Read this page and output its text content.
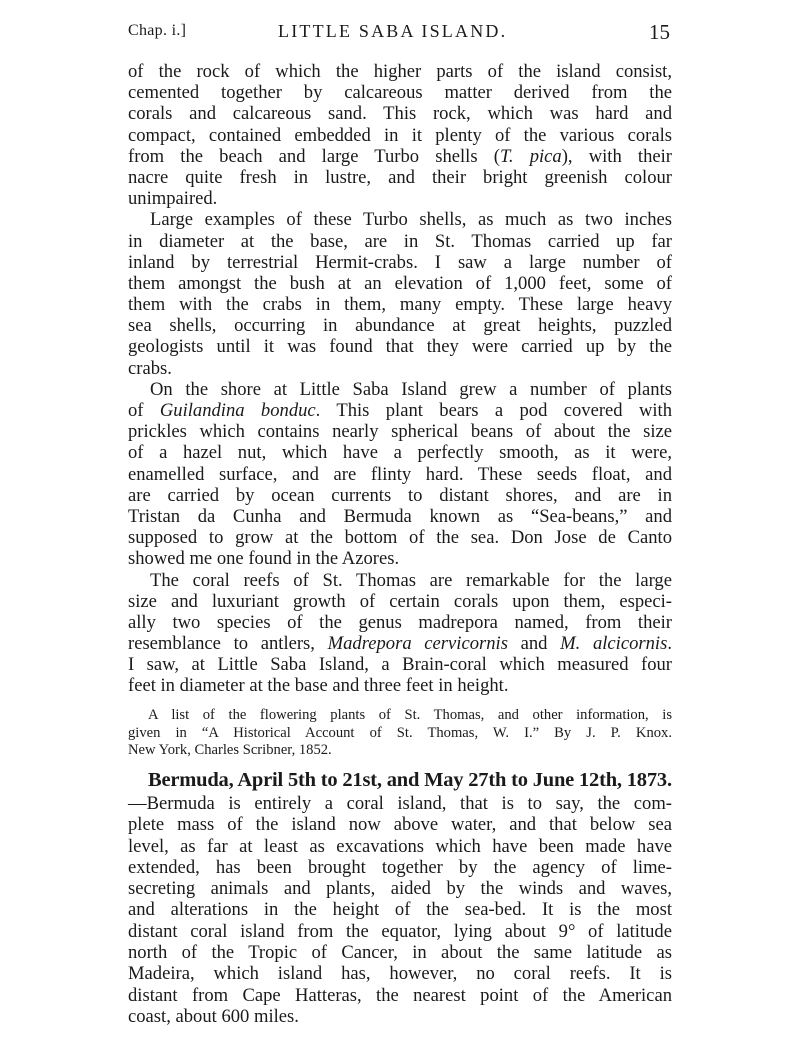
Chap. i.]	LITTLE SABA ISLAND.	15
of the rock of which the higher parts of the island consist,
cemented together by calcareous matter derived from the
corals and calcareous sand. This rock, which was hard and
compact, contained embedded in it plenty of the various corals
from the beach and large Turbo shells (T. pica), with their
nacre quite fresh in lustre, and their bright greenish colour
unimpaired.
Large examples of these Turbo shells, as much as two inches
in diameter at the base, are in St. Thomas carried up far
inland by terrestrial Hermit-crabs. I saw a large number of
them amongst the bush at an elevation of 1,000 feet, some of
them with the crabs in them, many empty. These large heavy
sea shells, occurring in abundance at great heights, puzzled
geologists until it was found that they were carried up by the
crabs.
On the shore at Little Saba Island grew a number of plants
of Guilandina bonduc. This plant bears a pod covered with
prickles which contains nearly spherical beans of about the size
of a hazel nut, which have a perfectly smooth, as it were,
enamelled surface, and are flinty hard. These seeds float, and
are carried by ocean currents to distant shores, and are in
Tristan da Cunha and Bermuda known as “Sea-beans,” and
supposed to grow at the bottom of the sea. Don Jose de Canto
showed me one found in the Azores.
The coral reefs of St. Thomas are remarkable for the large
size and luxuriant growth of certain corals upon them, especi-
ally two species of the genus madrepora named, from their
resemblance to antlers, Madrepora cervicornis and M. alcicornis.
I saw, at Little Saba Island, a Brain-coral which measured four
feet in diameter at the base and three feet in height.
A list of the flowering plants of St. Thomas, and other information, is
given in “A Historical Account of St. Thomas, W. I.” By J. P. Knox.
New York, Charles Scribner, 1852.
Bermuda, April 5th to 21st, and May 27th to June 12th, 1873.
—Bermuda is entirely a coral island, that is to say, the com-
plete mass of the island now above water, and that below sea
level, as far at least as excavations which have been made have
extended, has been brought together by the agency of lime-
secreting animals and plants, aided by the winds and waves,
and alterations in the height of the sea-bed. It is the most
distant coral island from the equator, lying about 9° of latitude
north of the Tropic of Cancer, in about the same latitude as
Madeira, which island has, however, no coral reefs. It is
distant from Cape Hatteras, the nearest point of the American
coast, about 600 miles.
